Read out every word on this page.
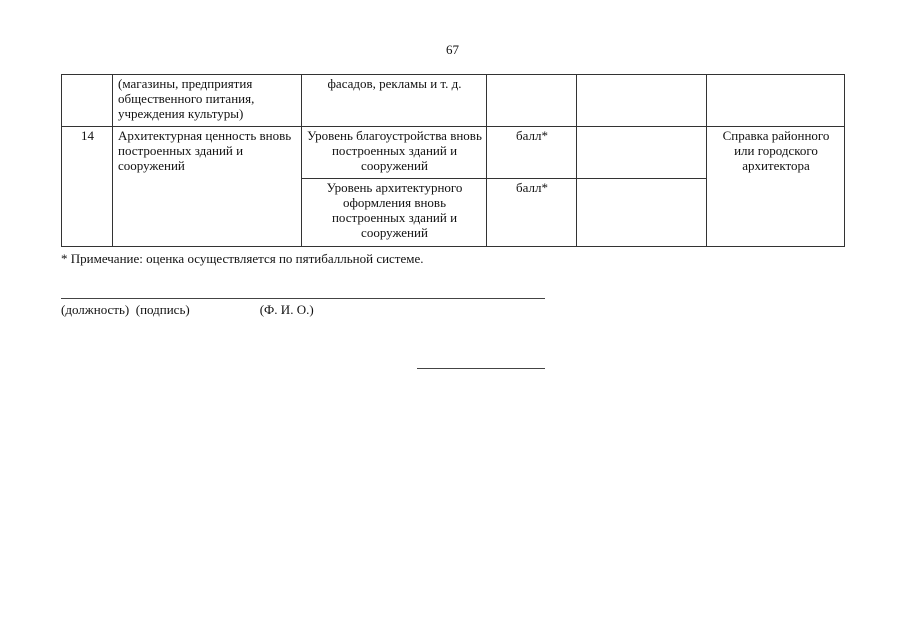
67
	(магазины, предприятия общественного питания, учреждения культуры)	фасадов, рекламы и т. д.			
14	Архитектурная ценность вновь построенных зданий и сооружений	Уровень благоустройства вновь построенных зданий и сооружений	балл*		Справка районного или городского архитектора
		Уровень архитектурного оформления вновь построенных зданий и сооружений	балл*		
* Примечание: оценка осуществляется по пятибалльной системе.
(должность) (подпись)	(Ф. И. О.)
